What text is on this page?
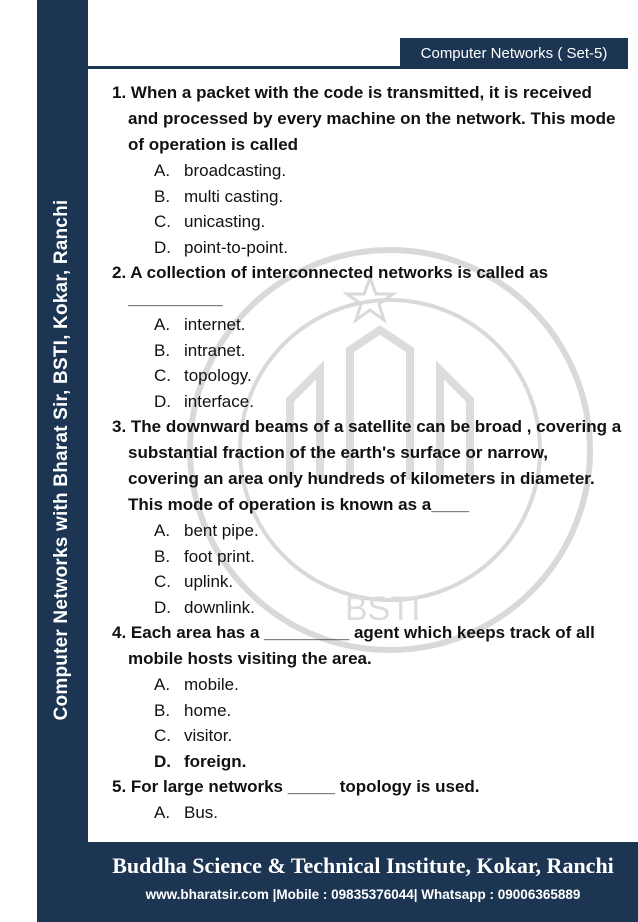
Computer Networks with Bharat Sir, BSTI, Kokar, Ranchi
Computer Networks ( Set-5)
BSTI

1. When a packet with the code is transmitted, it is received and processed by every machine on the network. This mode of operation is called

A. broadcasting.
B. multi casting.
C. unicasting.
D. point-to-point.

2. A collection of interconnected networks is called as __________

A. internet.
B. intranet.
C. topology.
D. interface.

3. The downward beams of a satellite can be broad , covering a substantial fraction of the earth's surface or narrow, covering an area only hundreds of kilometers in diameter. This mode of operation is known as a____

A. bent pipe.
B. foot print.
C. uplink.
D. downlink.

4. Each area has a _________ agent which keeps track of all mobile hosts visiting the area.

A. mobile.
B. home.
C. visitor.
D. foreign.

5. For large networks _____ topology is used.

A. Bus.
Buddha Science & Technical Institute, Kokar, Ranchi
www.bharatsir.com |Mobile : 09835376044| Whatsapp : 09006365889
